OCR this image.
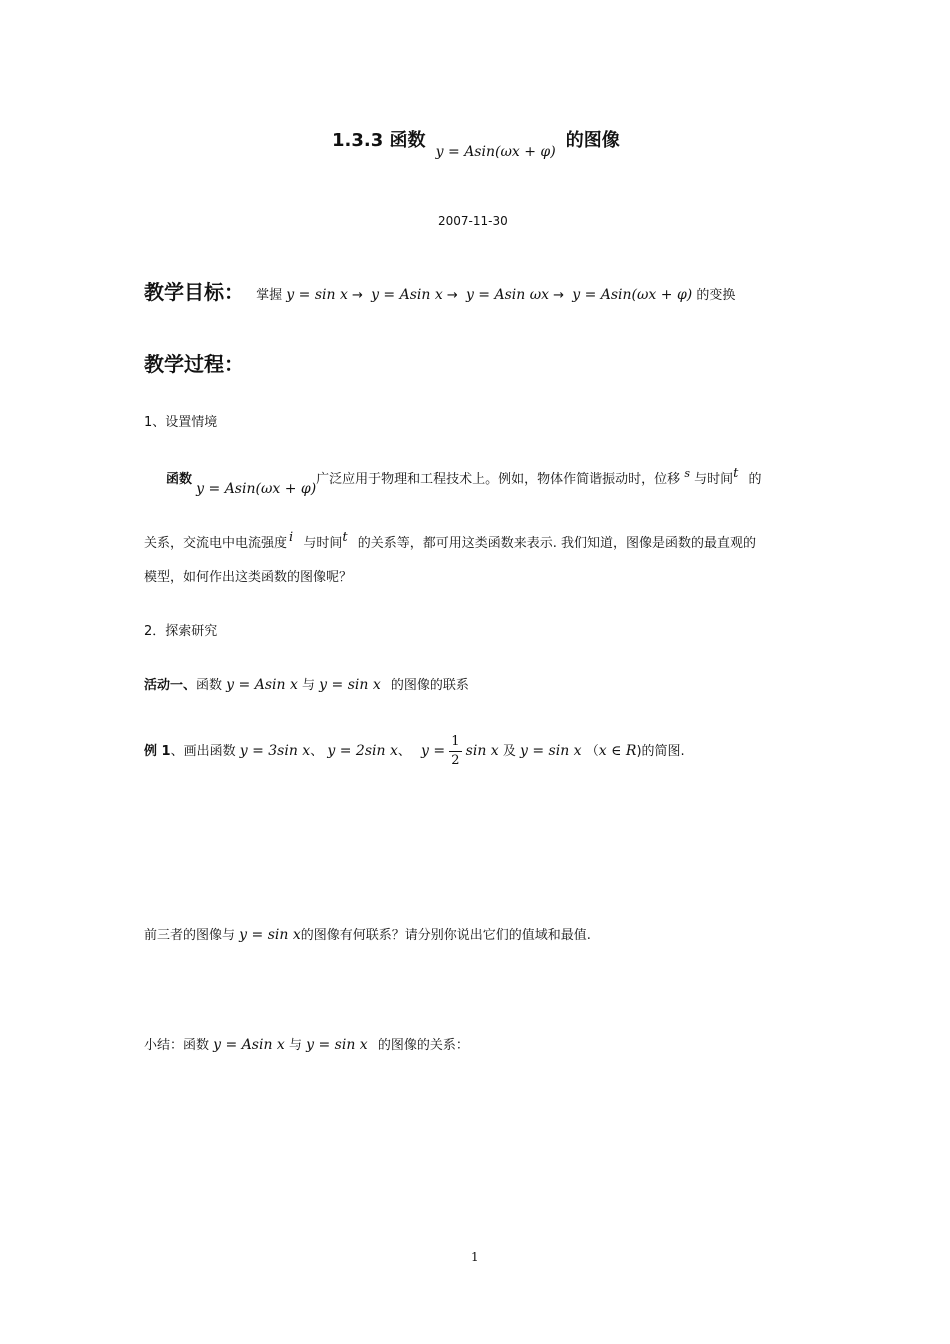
1.3.3 函数 y = Asin(ωx + φ) 的图像
2007-11-30
教学目标： 掌握 y = sin x → y = Asin x → y = Asin ωx → y = Asin(ωx + φ) 的变换
教学过程：
1、设置情境
函数 y = Asin(ωx + φ)广泛应用于物理和工程技术上。例如，物体作简谐振动时，位移 $^s$ 与时间t 的
关系，交流电中电流强度 i 与时间t 的关系等，都可用这类函数来表示. 我们知道，图像是函数的最直观的
模型，如何作出这类函数的图像呢？
2．探索研究
活动一、函数 y = Asin x 与 y = sin x 的图像的联系
例 1、画出函数 y = 3sin x、 y = 2sin x、 $y = \frac{1}{2}$ sin x 及 y = sin x （x ∈ R)的简图.
前三者的图像与 y = sin x的图像有何联系？请分别你说出它们的值域和最值.
小结：函数 y = Asin x 与 y = sin x 的图像的关系：
1
